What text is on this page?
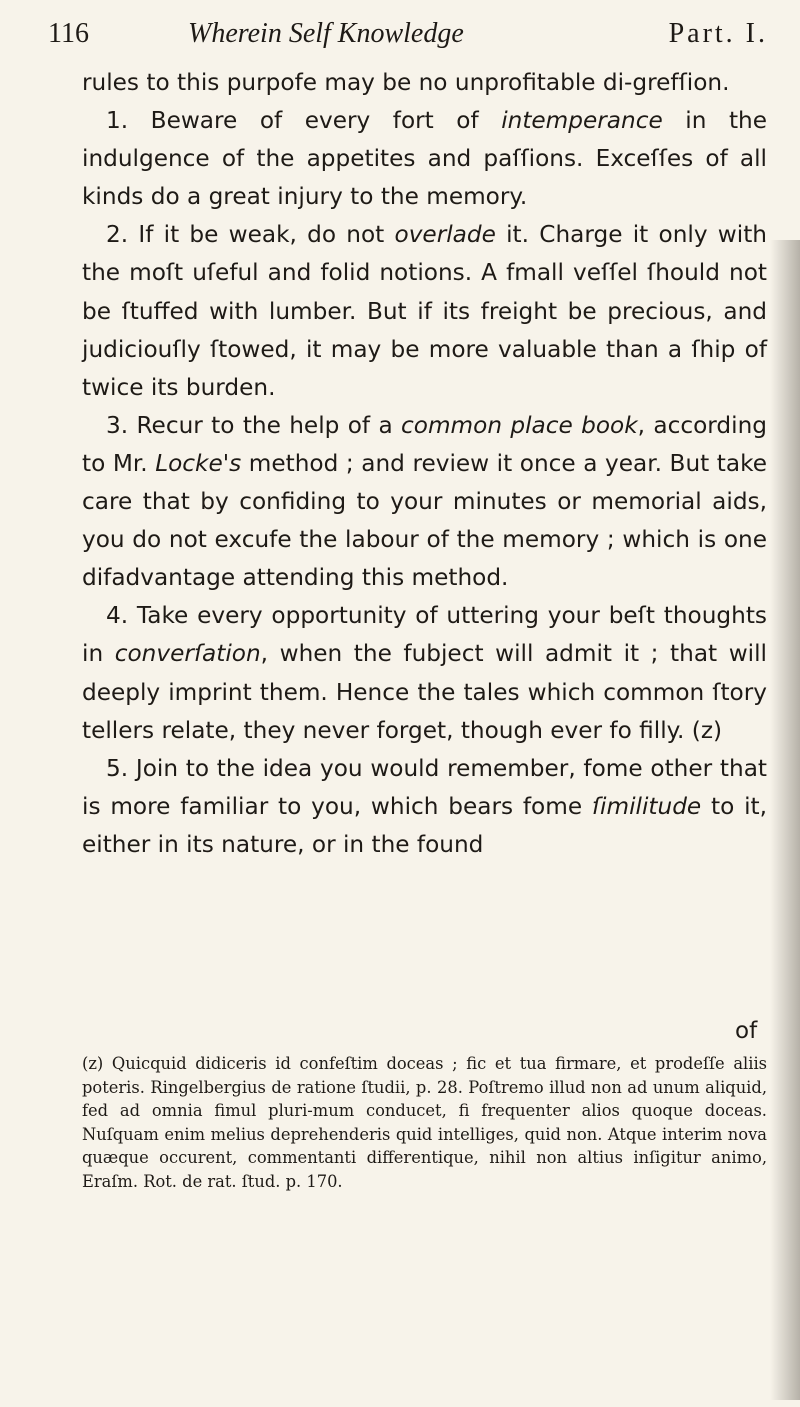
116	Wherein Self Knowledge	Part. I.

rules to this purpofe may be no unprofitable di-grefſion.

1. Beware of every fort of intemperance in the indulgence of the appetites and paſſions. Exceſſes of all kinds do a great injury to the memory.

2. If it be weak, do not overlade it. Charge it only with the moſt uſeful and folid notions. A fmall veſſel ſhould not be ſtuffed with lumber. But if its freight be precious, and judiciouſly ſtowed, it may be more valuable than a ſhip of twice its burden.

3. Recur to the help of a common place book, according to Mr. Locke's method ; and review it once a year. But take care that by confiding to your minutes or memorial aids, you do not excufe the labour of the memory ; which is one difadvantage attending this method.

4. Take every opportunity of uttering your beſt thoughts in converſation, when the fubject will admit it ; that will deeply imprint them. Hence the tales which common ſtory tellers relate, they never forget, though ever fo filly. (z)

5. Join to the idea you would remember, fome other that is more familiar to you, which bears fome ſimilitude to it, either in its nature, or in the found

of

(z) Quicquid didiceris id confeſtim doceas ; fic et tua firmare, et prodeſſe aliis poteris. Ringelbergius de ratione ſtudii, p. 28. Poſtremo illud non ad unum aliquid, fed ad omnia fimul pluri-mum conducet, fi frequenter alios quoque doceas. Nuſquam enim melius deprehenderis quid intelliges, quid non. Atque interim nova quæque occurent, commentanti differentique, nihil non altius inſigitur animo, Eraſm. Rot. de rat. ſtud. p. 170.
